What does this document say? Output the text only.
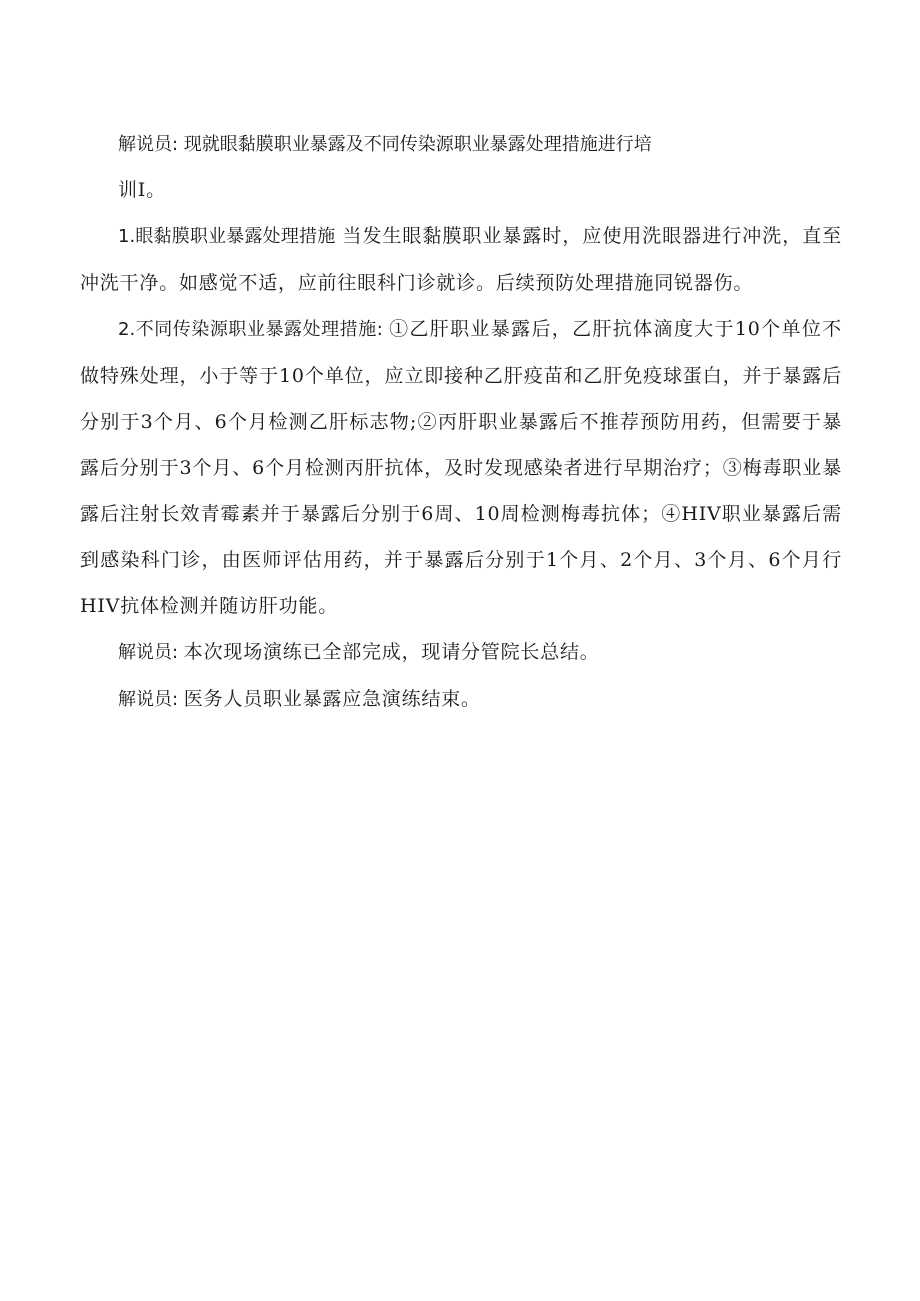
解说员: 现就眼黏膜职业暴露及不同传染源职业暴露处理措施进行培

训I。

1.眼黏膜职业暴露处理措施 当发生眼黏膜职业暴露时，应使用洗眼器进行冲洗，直至冲洗干净。如感觉不适，应前往眼科门诊就诊。后续预防处理措施同锐器伤。

2.不同传染源职业暴露处理措施: ①乙肝职业暴露后，乙肝抗体滴度大于10个单位不做特殊处理，小于等于10个单位，应立即接种乙肝疫苗和乙肝免疫球蛋白，并于暴露后分别于3个月、6个月检测乙肝标志物;②丙肝职业暴露后不推荐预防用药，但需要于暴露后分别于3个月、6个月检测丙肝抗体，及时发现感染者进行早期治疗；③梅毒职业暴露后注射长效青霉素并于暴露后分别于6周、10周检测梅毒抗体；④HIV职业暴露后需到感染科门诊，由医师评估用药，并于暴露后分别于1个月、2个月、3个月、6个月行HIV抗体检测并随访肝功能。

解说员: 本次现场演练已全部完成，现请分管院长总结。

解说员: 医务人员职业暴露应急演练结束。
